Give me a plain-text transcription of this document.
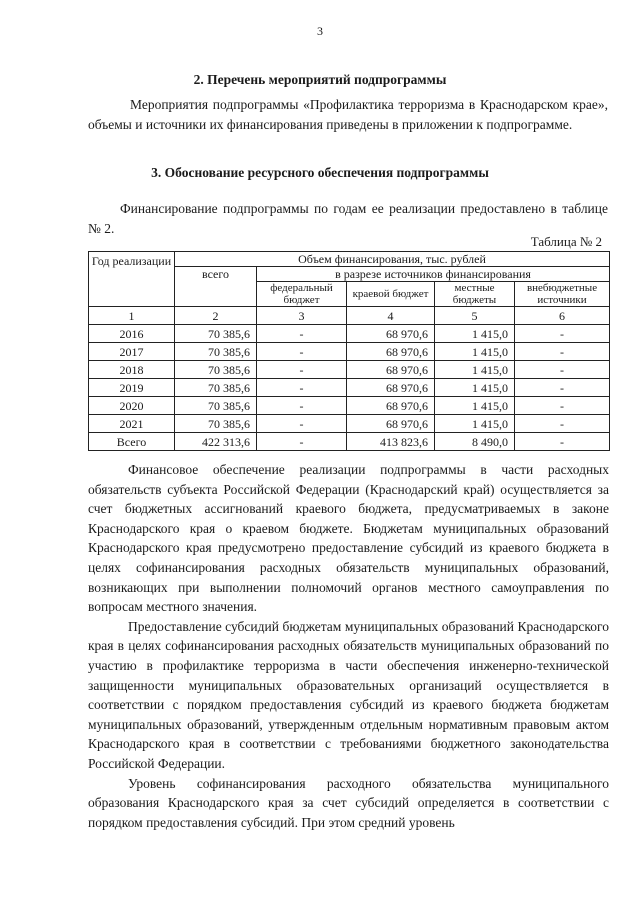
3
2. Перечень мероприятий подпрограммы
Мероприятия подпрограммы «Профилактика терроризма в Краснодарском крае», объемы и источники их финансирования приведены в приложении к подпрограмме.
3. Обоснование ресурсного обеспечения подпрограммы
Финансирование подпрограммы по годам ее реализации предоставлено в таблице № 2.
Таблица № 2
Год реализации	Объем финансирования, тыс. рублей				
	всего	в разрезе источников финансирования			
		федеральный бюджет	краевой бюджет	местные бюджеты	внебюджетные источники
1	2	3	4	5	6
2016	70 385,6	-	68 970,6	1 415,0	-
2017	70 385,6	-	68 970,6	1 415,0	-
2018	70 385,6	-	68 970,6	1 415,0	-
2019	70 385,6	-	68 970,6	1 415,0	-
2020	70 385,6	-	68 970,6	1 415,0	-
2021	70 385,6	-	68 970,6	1 415,0	-
Всего	422 313,6	-	413 823,6	8 490,0	-

Финансовое обеспечение реализации подпрограммы в части расходных обязательств субъекта Российской Федерации (Краснодарский край) осуществляется за счет бюджетных ассигнований краевого бюджета, предусматриваемых в законе Краснодарского края о краевом бюджете. Бюджетам муниципальных образований Краснодарского края предусмотрено предоставление субсидий из краевого бюджета в целях софинансирования расходных обязательств муниципальных образований, возникающих при выполнении полномочий органов местного самоуправления по вопросам местного значения.

Предоставление субсидий бюджетам муниципальных образований Краснодарского края в целях софинансирования расходных обязательств муниципальных образований по участию в профилактике терроризма в части обеспечения инженерно-технической защищенности муниципальных образовательных организаций осуществляется в соответствии с порядком предоставления субсидий из краевого бюджета бюджетам муниципальных образований, утвержденным отдельным нормативным правовым актом Краснодарского края в соответствии с требованиями бюджетного законодательства Российской Федерации.

Уровень софинансирования расходного обязательства муниципального образования Краснодарского края за счет субсидий определяется в соответствии с порядком предоставления субсидий. При этом средний уровень
